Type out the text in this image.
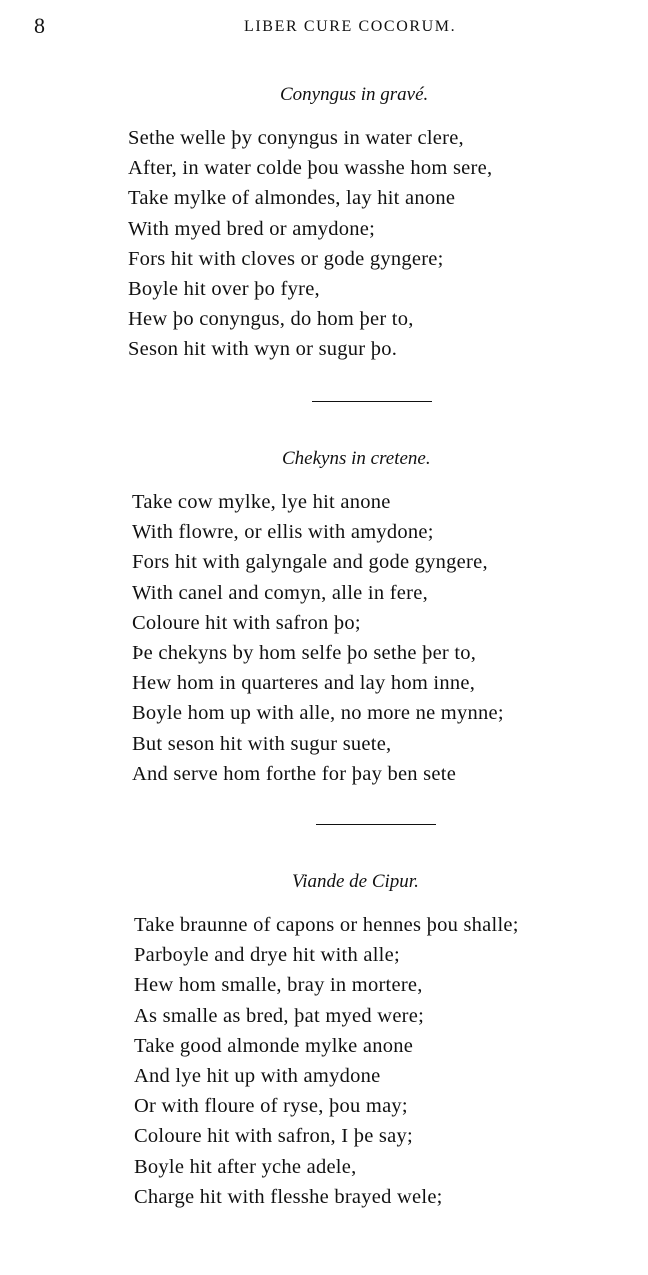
8	LIBER CURE COCORUM.
Conyngus in gravé.
Sethe welle þy conyngus in water clere,
After, in water colde þou wasshe hom sere,
Take mylke of almondes, lay hit anone
With myed bred or amydone;
Fors hit with cloves or gode gyngere;
Boyle hit over þo fyre,
Hew þo conyngus, do hom þer to,
Seson hit with wyn or sugur þo.
Chekyns in cretene.
Take cow mylke, lye hit anone
With flowre, or ellis with amydone;
Fors hit with galyngale and gode gyngere,
With canel and comyn, alle in fere,
Coloure hit with safron þo;
Þe chekyns by hom selfe þo sethe þer to,
Hew hom in quarteres and lay hom inne,
Boyle hom up with alle, no more ne mynne;
But seson hit with sugur suete,
And serve hom forthe for þay ben sete
Viande de Cipur.
Take braunne of capons or hennes þou shalle;
Parboyle and drye hit with alle;
Hew hom smalle, bray in mortere,
As smalle as bred, þat myed were;
Take good almonde mylke anone
And lye hit up with amydone
Or with floure of ryse, þou may;
Coloure hit with safron, I þe say;
Boyle hit after yche adele,
Charge hit with flesshe brayed wele;
